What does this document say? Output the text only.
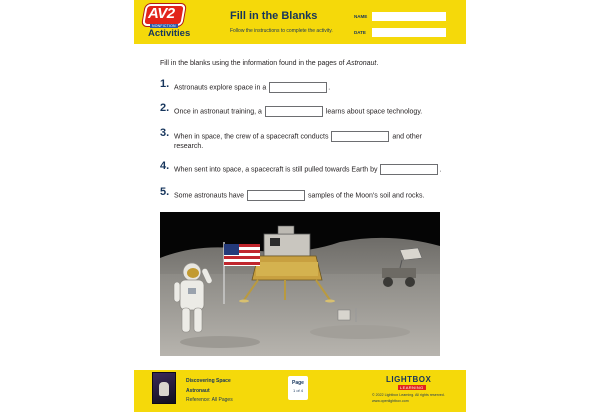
AV2
NONFICTION
Activities
Fill in the Blanks
Follow the instructions to complete the activity.
NAME
DATE
Fill in the blanks using the information found in the pages of Astronaut.
1. Astronauts explore space in a	.
2. Once in astronaut training, a	learns about space technology.
3. When in space, the crew of a spacecraft conducts	and other research.
4. When sent into space, a spacecraft is still pulled towards Earth by	.
5. Some astronauts have	samples of the Moon's soil and rocks.
Discovering Space
Astronaut
Reference: All Pages
Page
1 of 4
LIGHTBOX
LEARNING
© 2022 Lightbox Learning. All rights reserved.
www.openlightbox.com
